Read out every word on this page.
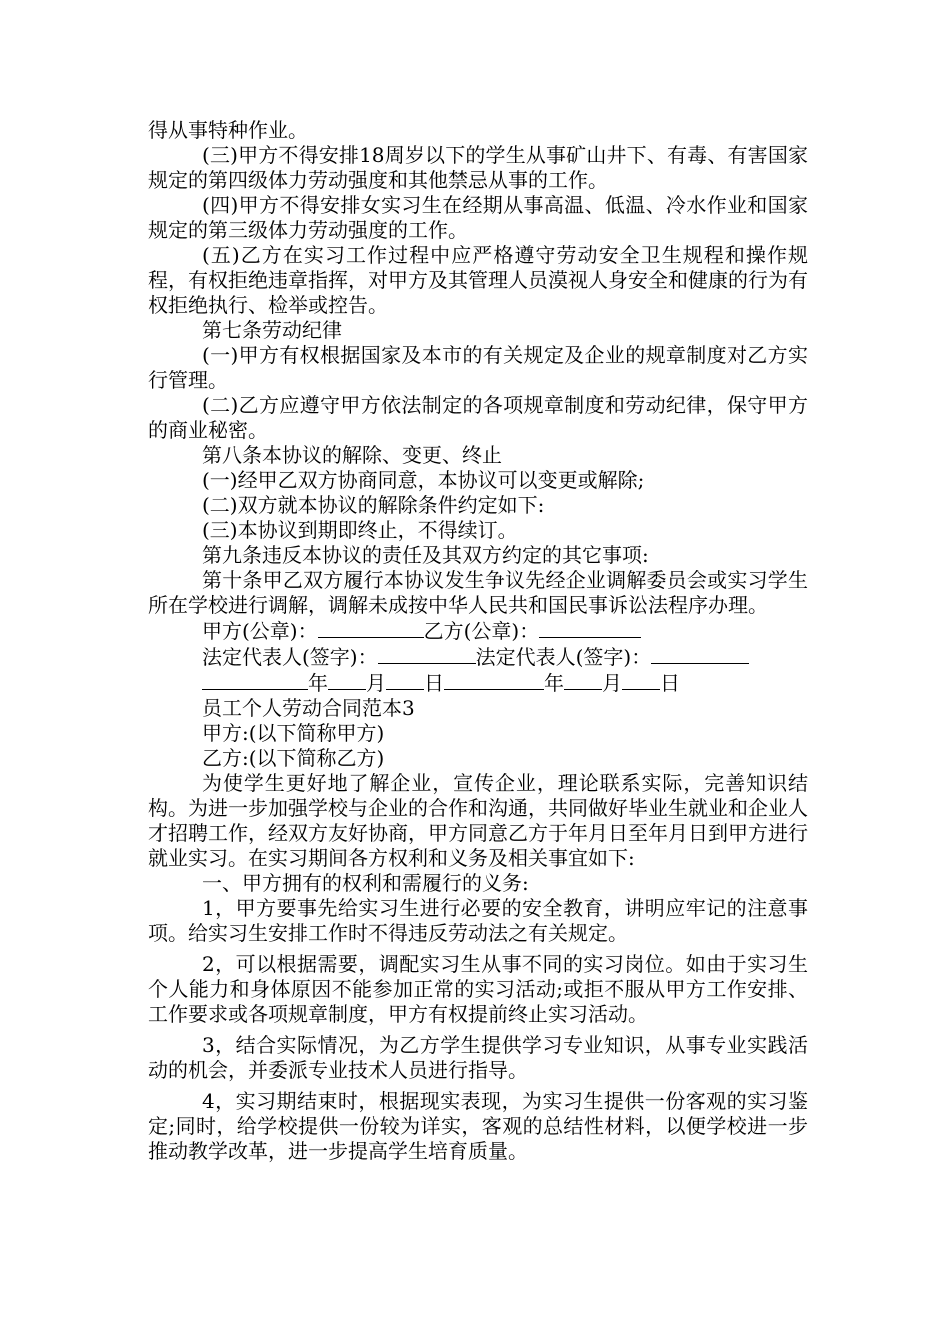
得从事特种作业。

(三)甲方不得安排18周岁以下的学生从事矿山井下、有毒、有害国家规定的第四级体力劳动强度和其他禁忌从事的工作。

(四)甲方不得安排女实习生在经期从事高温、低温、冷水作业和国家规定的第三级体力劳动强度的工作。

(五)乙方在实习工作过程中应严格遵守劳动安全卫生规程和操作规程，有权拒绝违章指挥，对甲方及其管理人员漠视人身安全和健康的行为有权拒绝执行、检举或控告。

第七条劳动纪律

(一)甲方有权根据国家及本市的有关规定及企业的规章制度对乙方实行管理。

(二)乙方应遵守甲方依法制定的各项规章制度和劳动纪律，保守甲方的商业秘密。

第八条本协议的解除、变更、终止

(一)经甲乙双方协商同意，本协议可以变更或解除;

(二)双方就本协议的解除条件约定如下:

(三)本协议到期即终止，不得续订。

第九条违反本协议的责任及其双方约定的其它事项:

第十条甲乙双方履行本协议发生争议先经企业调解委员会或实习学生所在学校进行调解，调解未成按中华人民共和国民事诉讼法程序办理。

甲方(公章)：	乙方(公章)：

法定代表人(签字)：	法定代表人(签字)：

年 月 日	年 月 日

员工个人劳动合同范本3

甲方:(以下简称甲方)

乙方:(以下简称乙方)

为使学生更好地了解企业，宣传企业，理论联系实际，完善知识结构。为进一步加强学校与企业的合作和沟通，共同做好毕业生就业和企业人才招聘工作，经双方友好协商，甲方同意乙方于年月日至年月日到甲方进行就业实习。在实习期间各方权利和义务及相关事宜如下:

一、甲方拥有的权利和需履行的义务:

1，甲方要事先给实习生进行必要的安全教育，讲明应牢记的注意事项。给实习生安排工作时不得违反劳动法之有关规定。

2，可以根据需要，调配实习生从事不同的实习岗位。如由于实习生个人能力和身体原因不能参加正常的实习活动;或拒不服从甲方工作安排、工作要求或各项规章制度，甲方有权提前终止实习活动。

3，结合实际情况，为乙方学生提供学习专业知识，从事专业实践活动的机会，并委派专业技术人员进行指导。

4，实习期结束时，根据现实表现，为实习生提供一份客观的实习鉴定;同时，给学校提供一份较为详实，客观的总结性材料，以便学校进一步推动教学改革，进一步提高学生培育质量。
